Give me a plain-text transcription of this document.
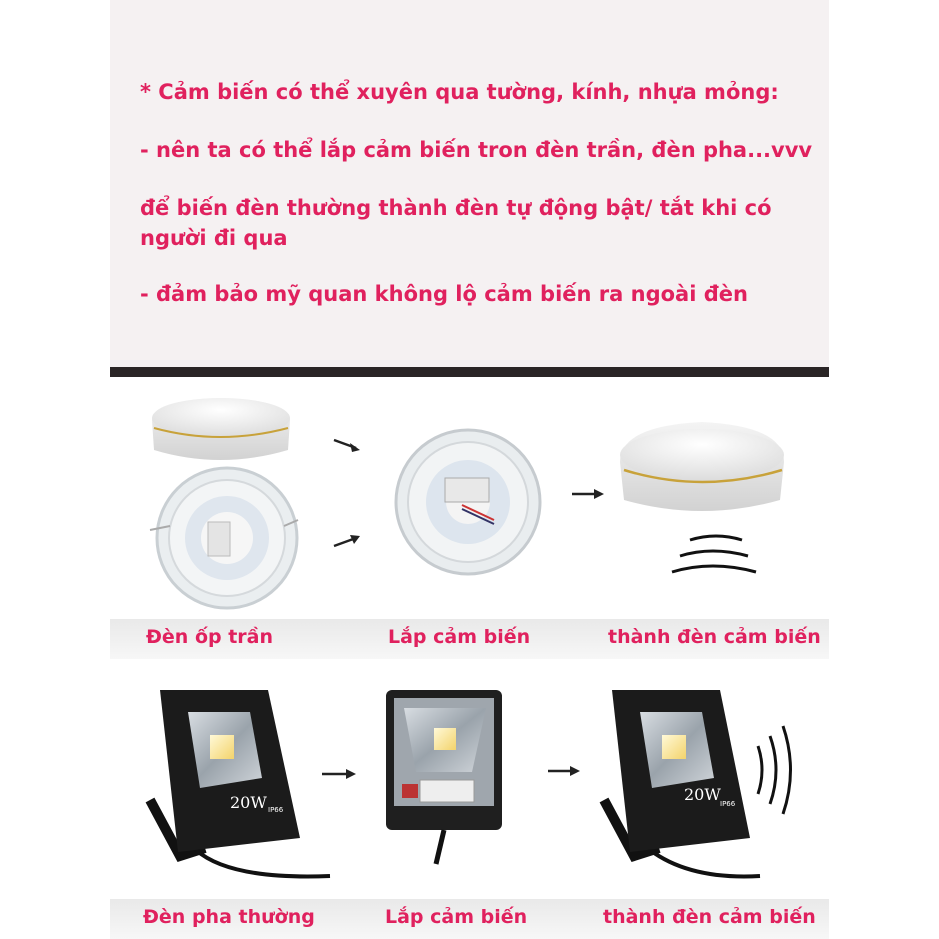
* Cảm biến có thể xuyên qua tường, kính, nhựa mỏng:
- nên ta có thể lắp cảm biến tron đèn trần, đèn pha...vvv
để biến đèn thường thành đèn tự động bật/ tắt khi có
người đi qua
- đảm bảo mỹ quan không lộ cảm biến ra ngoài đèn
20W IP66
20W IP66
Đèn ốp trần	Lắp cảm biến	thành đèn cảm biến
Đèn pha thường	Lắp cảm biến	thành đèn cảm biến
